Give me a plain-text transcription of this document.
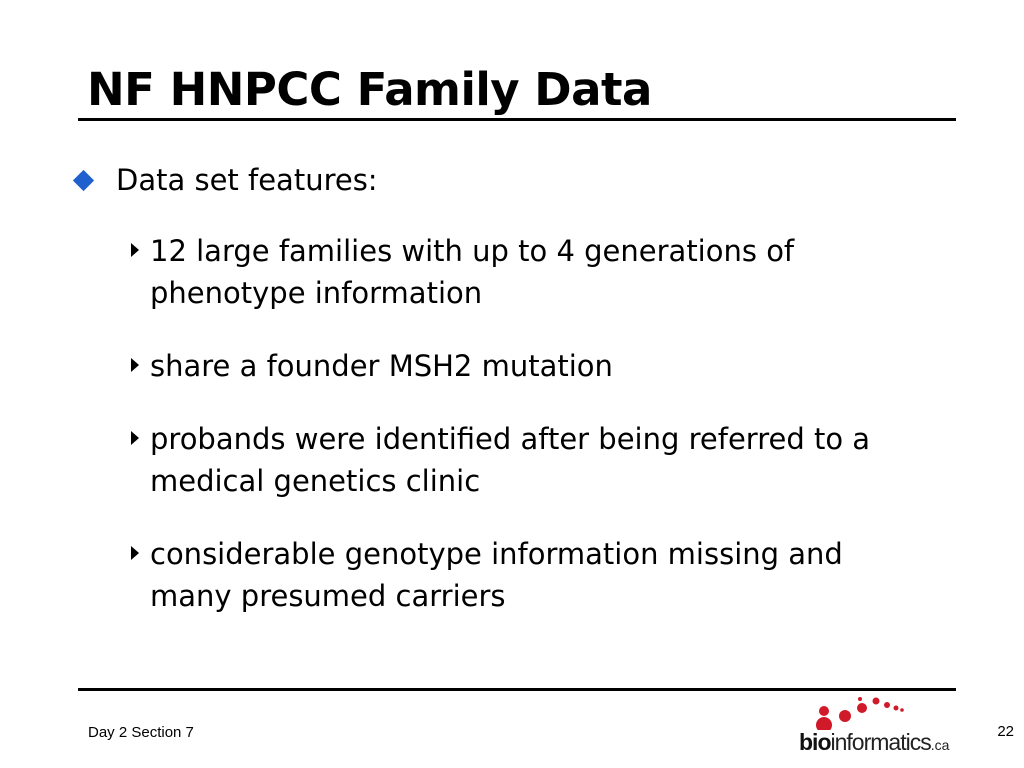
NF HNPCC Family Data
Data set features:
12 large families with up to 4 generations of phenotype information
share a founder MSH2 mutation
probands were identified after being referred to a medical genetics clinic
considerable genotype information missing and many presumed carriers
Day 2 Section 7	bioinformatics.ca
22
